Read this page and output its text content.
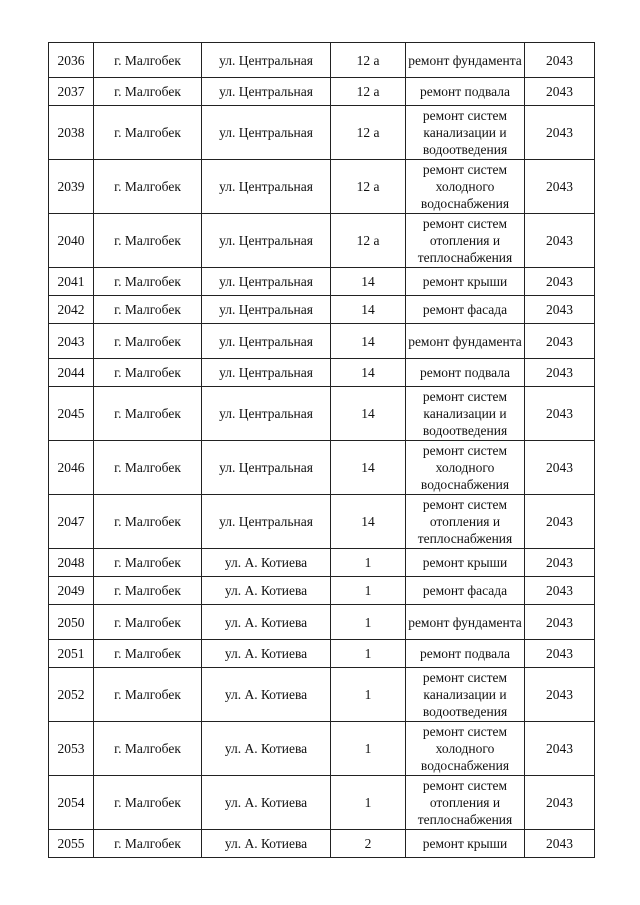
2036	г. Малгобек	ул. Центральная	12 а	ремонт фундамента	2043
2037	г. Малгобек	ул. Центральная	12 а	ремонт подвала	2043
2038	г. Малгобек	ул. Центральная	12 а	ремонт систем канализации и водоотведения	2043
2039	г. Малгобек	ул. Центральная	12 а	ремонт систем холодного водоснабжения	2043
2040	г. Малгобек	ул. Центральная	12 а	ремонт систем отопления и теплоснабжения	2043
2041	г. Малгобек	ул. Центральная	14	ремонт крыши	2043
2042	г. Малгобек	ул. Центральная	14	ремонт фасада	2043
2043	г. Малгобек	ул. Центральная	14	ремонт фундамента	2043
2044	г. Малгобек	ул. Центральная	14	ремонт подвала	2043
2045	г. Малгобек	ул. Центральная	14	ремонт систем канализации и водоотведения	2043
2046	г. Малгобек	ул. Центральная	14	ремонт систем холодного водоснабжения	2043
2047	г. Малгобек	ул. Центральная	14	ремонт систем отопления и теплоснабжения	2043
2048	г. Малгобек	ул. А. Котиева	1	ремонт крыши	2043
2049	г. Малгобек	ул. А. Котиева	1	ремонт фасада	2043
2050	г. Малгобек	ул. А. Котиева	1	ремонт фундамента	2043
2051	г. Малгобек	ул. А. Котиева	1	ремонт подвала	2043
2052	г. Малгобек	ул. А. Котиева	1	ремонт систем канализации и водоотведения	2043
2053	г. Малгобек	ул. А. Котиева	1	ремонт систем холодного водоснабжения	2043
2054	г. Малгобек	ул. А. Котиева	1	ремонт систем отопления и теплоснабжения	2043
2055	г. Малгобек	ул. А. Котиева	2	ремонт крыши	2043
